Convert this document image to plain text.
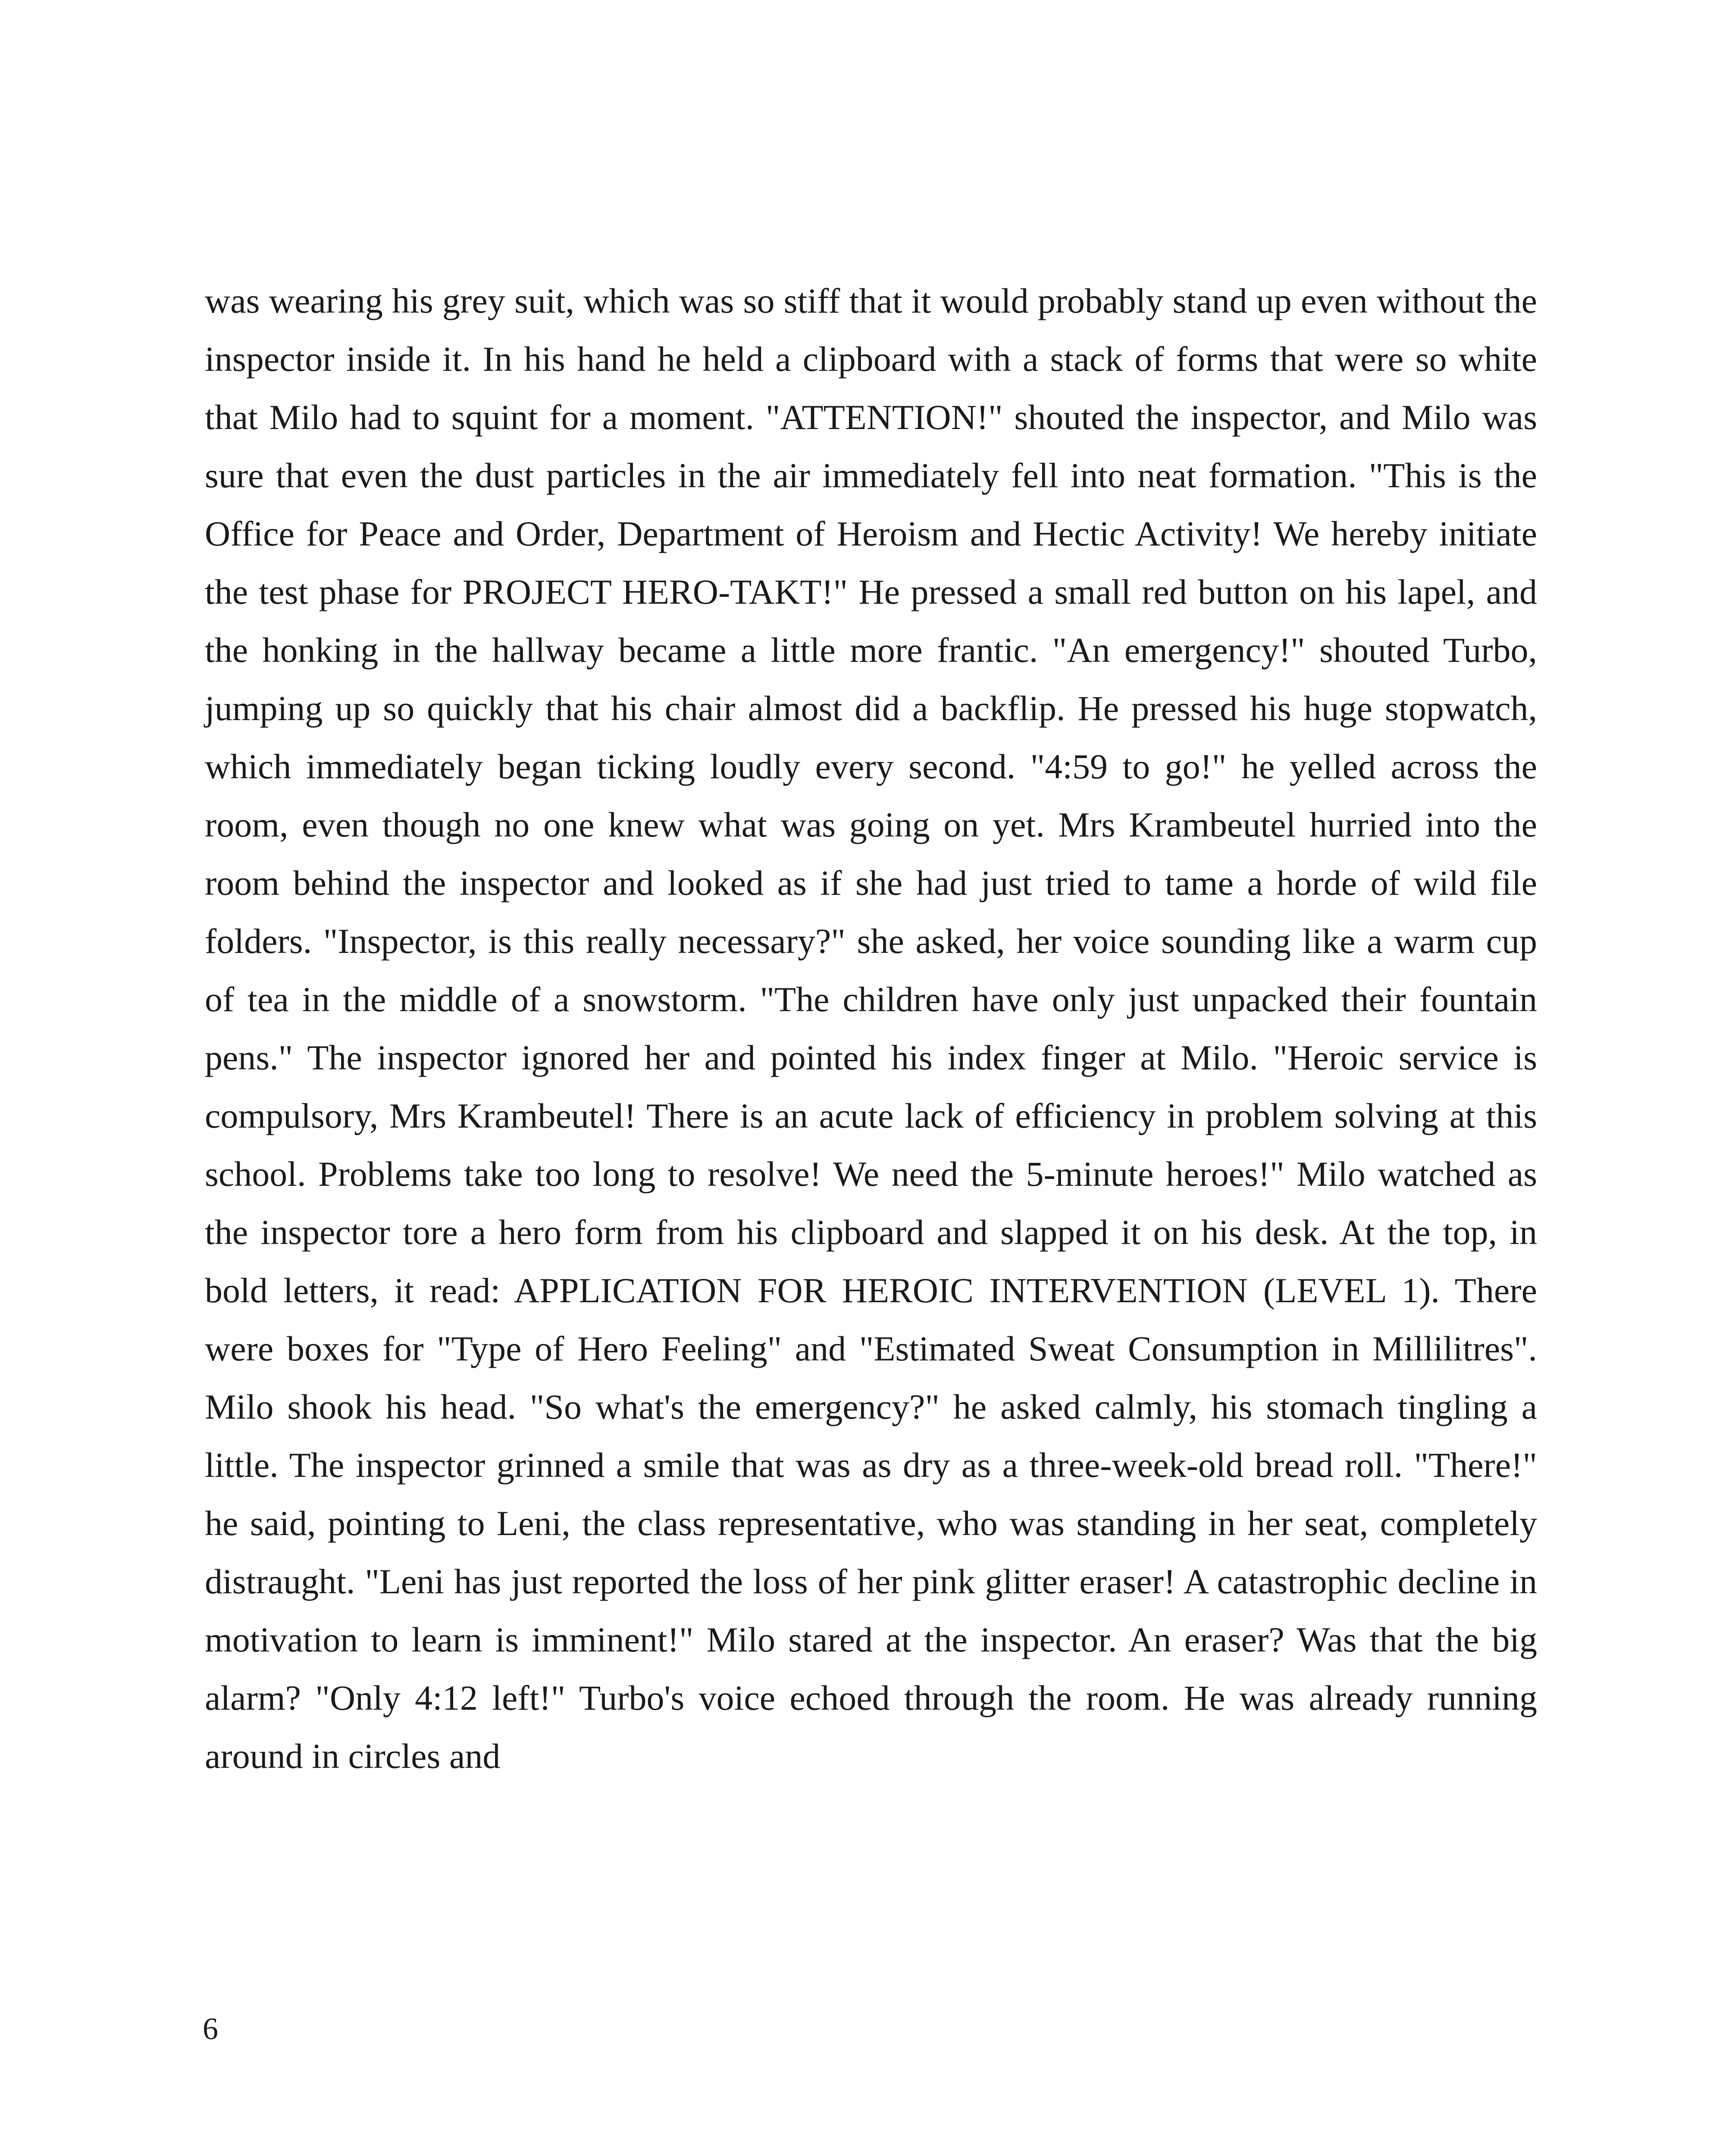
was wearing his grey suit, which was so stiff that it would probably stand up even without the inspector inside it. In his hand he held a clipboard with a stack of forms that were so white that Milo had to squint for a moment. "ATTENTION!" shouted the inspector, and Milo was sure that even the dust particles in the air immediately fell into neat formation. "This is the Office for Peace and Order, Department of Heroism and Hectic Activity! We hereby initiate the test phase for PROJECT HERO-TAKT!" He pressed a small red button on his lapel, and the honking in the hallway became a little more frantic. "An emergency!" shouted Turbo, jumping up so quickly that his chair almost did a backflip. He pressed his huge stopwatch, which immediately began ticking loudly every second. "4:59 to go!" he yelled across the room, even though no one knew what was going on yet. Mrs Krambeutel hurried into the room behind the inspector and looked as if she had just tried to tame a horde of wild file folders. "Inspector, is this really necessary?" she asked, her voice sounding like a warm cup of tea in the middle of a snowstorm. "The children have only just unpacked their fountain pens." The inspector ignored her and pointed his index finger at Milo. "Heroic service is compulsory, Mrs Krambeutel! There is an acute lack of efficiency in problem solving at this school. Problems take too long to resolve! We need the 5-minute heroes!" Milo watched as the inspector tore a hero form from his clipboard and slapped it on his desk. At the top, in bold letters, it read: APPLICATION FOR HEROIC INTERVENTION (LEVEL 1). There were boxes for "Type of Hero Feeling" and "Estimated Sweat Consumption in Millilitres". Milo shook his head. "So what's the emergency?" he asked calmly, his stomach tingling a little. The inspector grinned a smile that was as dry as a three-week-old bread roll. "There!" he said, pointing to Leni, the class representative, who was standing in her seat, completely distraught. "Leni has just reported the loss of her pink glitter eraser! A catastrophic decline in motivation to learn is imminent!" Milo stared at the inspector. An eraser? Was that the big alarm? "Only 4:12 left!" Turbo's voice echoed through the room. He was already running around in circles and

6
